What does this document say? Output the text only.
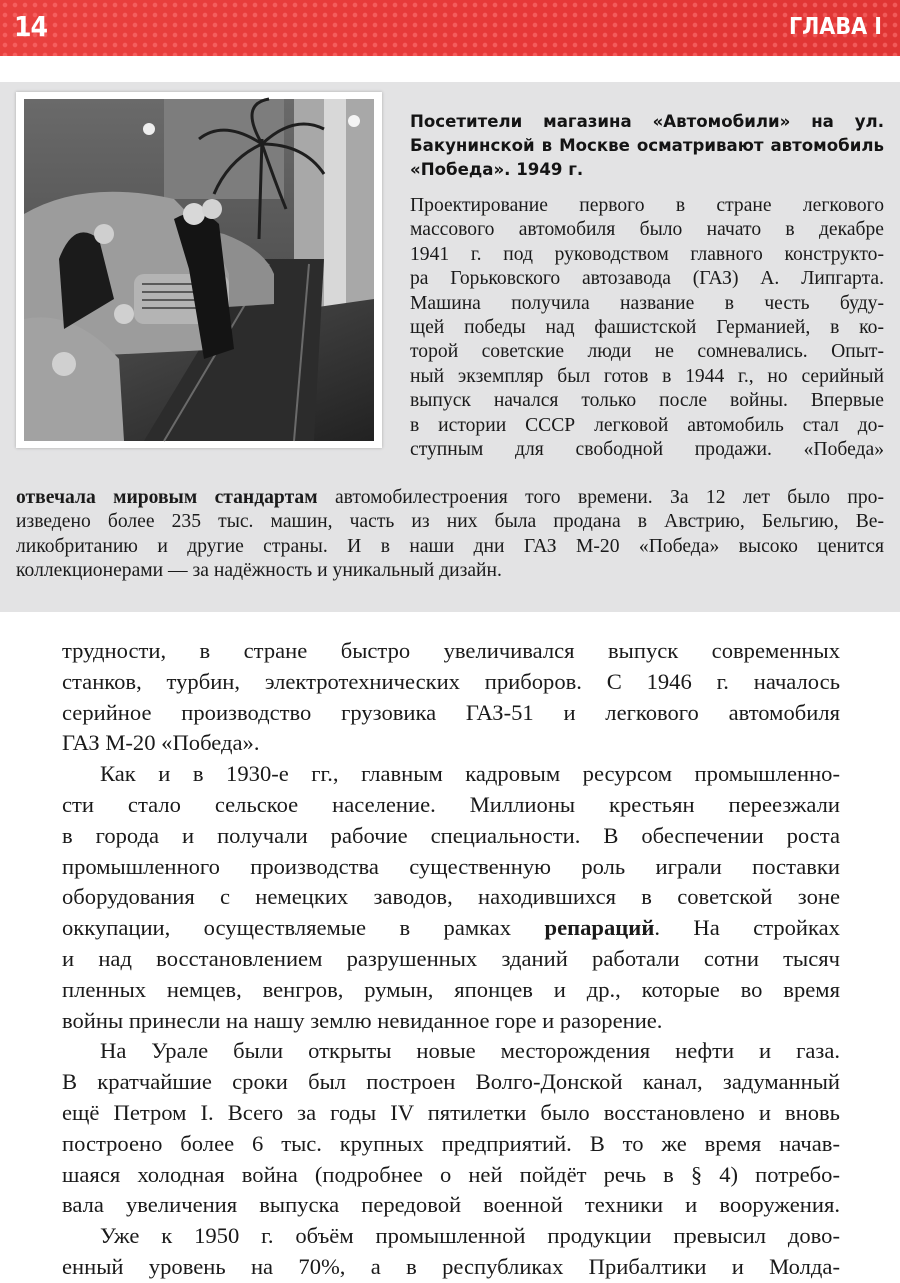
14	ГЛАВА I
Посетители магазина «Автомобили» на ул. Бакунинской в Москве осматривают автомобиль «Победа». 1949 г.
Проектирование первого в стране легкового
массового автомобиля было начато в декабре
1941 г. под руководством главного конструкто-
ра Горьковского автозавода (ГАЗ) А. Липгарта.
Машина получила название в честь буду-
щей победы над фашистской Германией, в ко-
торой советские люди не сомневались. Опыт-
ный экземпляр был готов в 1944 г., но серийный
выпуск начался только после войны. Впервые
в истории СССР легковой автомобиль стал до-
ступным для свободной продажи. «Победа»
отвечала мировым стандартам автомобилестроения того времени. За 12 лет было про-
изведено более 235 тыс. машин, часть из них была продана в Австрию, Бельгию, Ве-
ликобританию и другие страны. И в наши дни ГАЗ М-20 «Победа» высоко ценится
коллекционерами — за надёжность и уникальный дизайн.
трудности, в стране быстро увеличивался выпуск современных
станков, турбин, электротехнических приборов. С 1946 г. началось
серийное производство грузовика ГАЗ-51 и легкового автомобиля
ГАЗ М-20 «Победа».
Как и в 1930-е гг., главным кадровым ресурсом промышленно-
сти стало сельское население. Миллионы крестьян переезжали
в города и получали рабочие специальности. В обеспечении роста
промышленного производства существенную роль играли поставки
оборудования с немецких заводов, находившихся в советской зоне
оккупации, осуществляемые в рамках репараций. На стройках
и над восстановлением разрушенных зданий работали сотни тысяч
пленных немцев, венгров, румын, японцев и др., которые во время
войны принесли на нашу землю невиданное горе и разорение.
На Урале были открыты новые месторождения нефти и газа.
В кратчайшие сроки был построен Волго-Донской канал, задуманный
ещё Петром I. Всего за годы IV пятилетки было восстановлено и вновь
построено более 6 тыс. крупных предприятий. В то же время начав-
шаяся холодная война (подробнее о ней пойдёт речь в § 4) потребо-
вала увеличения выпуска передовой военной техники и вооружения.
Уже к 1950 г. объём промышленной продукции превысил дово-
енный уровень на 70%, а в республиках Прибалтики и Молда-
